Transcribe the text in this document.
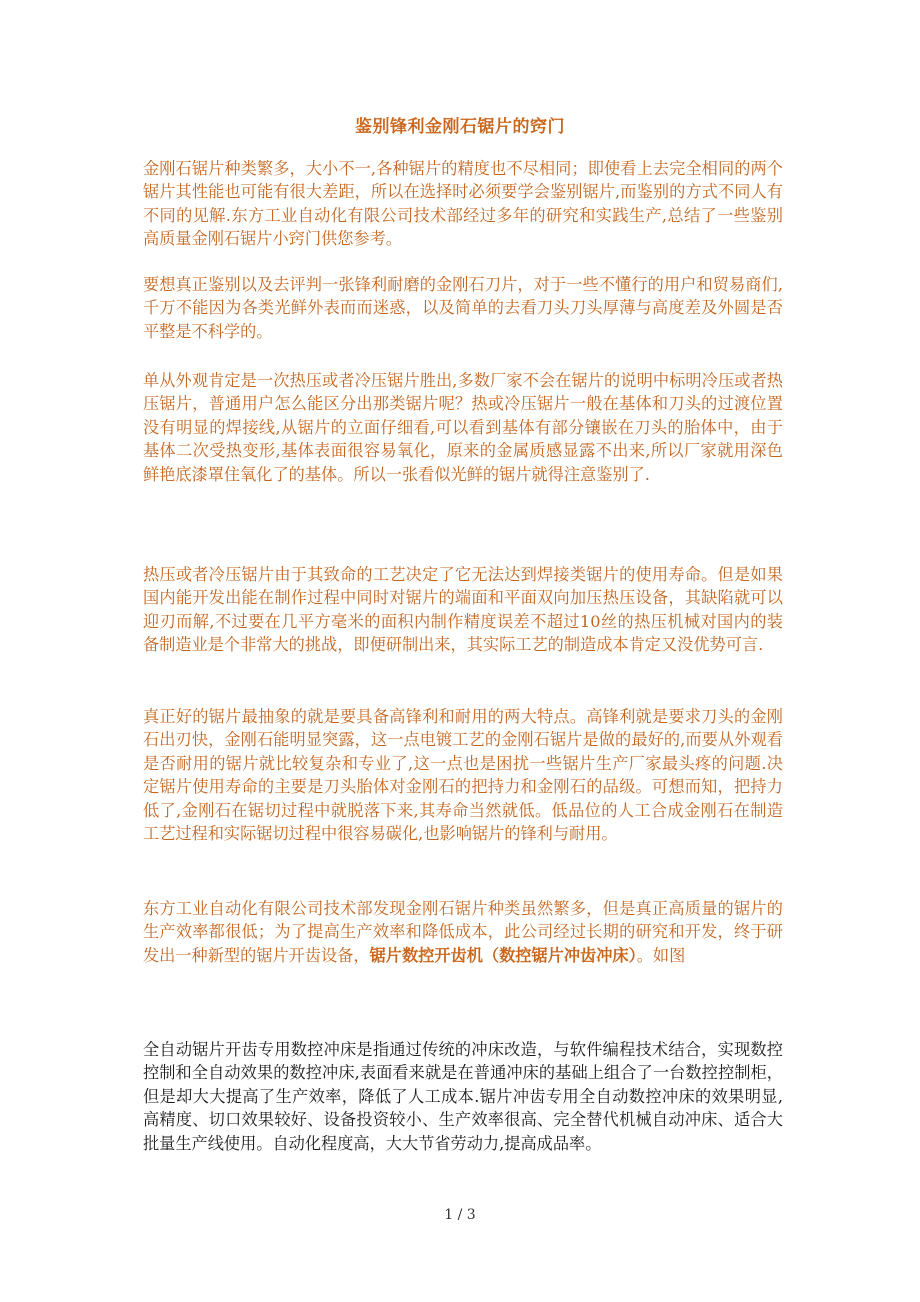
鉴别锋利金刚石锯片的窍门

金刚石锯片种类繁多，大小不一,各种锯片的精度也不尽相同；即使看上去完全相同的两个锯片其性能也可能有很大差距，所以在选择时必须要学会鉴别锯片,而鉴别的方式不同人有不同的见解.东方工业自动化有限公司技术部经过多年的研究和实践生产,总结了一些鉴别高质量金刚石锯片小窍门供您参考。

要想真正鉴别以及去评判一张锋利耐磨的金刚石刀片，对于一些不懂行的用户和贸易商们,千万不能因为各类光鲜外表而而迷惑，以及简单的去看刀头刀头厚薄与高度差及外圆是否平整是不科学的。

单从外观肯定是一次热压或者冷压锯片胜出,多数厂家不会在锯片的说明中标明冷压或者热压锯片，普通用户怎么能区分出那类锯片呢？热或冷压锯片一般在基体和刀头的过渡位置没有明显的焊接线,从锯片的立面仔细看,可以看到基体有部分镶嵌在刀头的胎体中，由于基体二次受热变形,基体表面很容易氧化，原来的金属质感显露不出来,所以厂家就用深色鲜艳底漆罩住氧化了的基体。所以一张看似光鲜的锯片就得注意鉴别了.

热压或者冷压锯片由于其致命的工艺决定了它无法达到焊接类锯片的使用寿命。但是如果国内能开发出能在制作过程中同时对锯片的端面和平面双向加压热压设备，其缺陷就可以迎刃而解,不过要在几平方毫米的面积内制作精度误差不超过10丝的热压机械对国内的装备制造业是个非常大的挑战，即便研制出来，其实际工艺的制造成本肯定又没优势可言.

真正好的锯片最抽象的就是要具备高锋利和耐用的两大特点。高锋利就是要求刀头的金刚石出刃快，金刚石能明显突露，这一点电镀工艺的金刚石锯片是做的最好的,而要从外观看是否耐用的锯片就比较复杂和专业了,这一点也是困扰一些锯片生产厂家最头疼的问题.决定锯片使用寿命的主要是刀头胎体对金刚石的把持力和金刚石的品级。可想而知，把持力低了,金刚石在锯切过程中就脱落下来,其寿命当然就低。低品位的人工合成金刚石在制造工艺过程和实际锯切过程中很容易碳化,也影响锯片的锋利与耐用。

东方工业自动化有限公司技术部发现金刚石锯片种类虽然繁多，但是真正高质量的锯片的生产效率都很低；为了提高生产效率和降低成本，此公司经过长期的研究和开发，终于研发出一种新型的锯片开齿设备，锯片数控开齿机（数控锯片冲齿冲床）。如图

全自动锯片开齿专用数控冲床是指通过传统的冲床改造，与软件编程技术结合，实现数控控制和全自动效果的数控冲床,表面看来就是在普通冲床的基础上组合了一台数控控制柜，但是却大大提高了生产效率，降低了人工成本.锯片冲齿专用全自动数控冲床的效果明显,高精度、切口效果较好、设备投资较小、生产效率很高、完全替代机械自动冲床、适合大批量生产线使用。自动化程度高，大大节省劳动力,提高成品率。

1 / 3
